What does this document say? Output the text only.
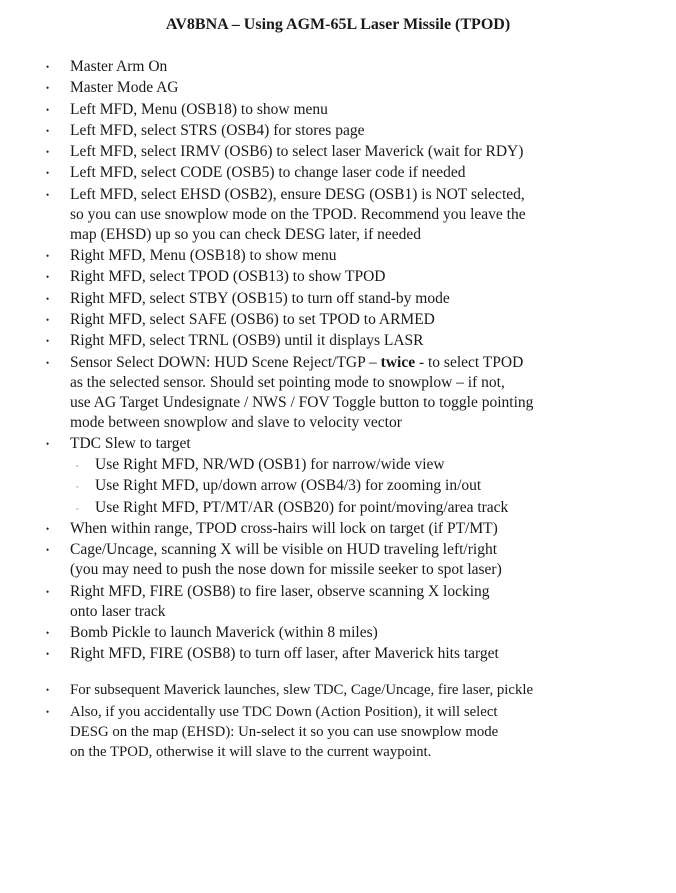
AV8BNA – Using AGM-65L Laser Missile (TPOD)
• Master Arm On
• Master Mode AG
• Left MFD, Menu (OSB18) to show menu
• Left MFD, select STRS (OSB4) for stores page
• Left MFD, select IRMV (OSB6) to select laser Maverick (wait for RDY)
• Left MFD, select CODE (OSB5) to change laser code if needed
• Left MFD, select EHSD (OSB2), ensure DESG (OSB1) is NOT selected,
so you can use snowplow mode on the TPOD. Recommend you leave the
map (EHSD) up so you can check DESG later, if needed
• Right MFD, Menu (OSB18) to show menu
• Right MFD, select TPOD (OSB13) to show TPOD
• Right MFD, select STBY (OSB15) to turn off stand-by mode
• Right MFD, select SAFE (OSB6) to set TPOD to ARMED
• Right MFD, select TRNL (OSB9) until it displays LASR
• Sensor Select DOWN: HUD Scene Reject/TGP – twice - to select TPOD
as the selected sensor. Should set pointing mode to snowplow – if not,
use AG Target Undesignate / NWS / FOV Toggle button to toggle pointing
mode between snowplow and slave to velocity vector
• TDC Slew to target
◦ Use Right MFD, NR/WD (OSB1) for narrow/wide view
◦ Use Right MFD, up/down arrow (OSB4/3) for zooming in/out
◦ Use Right MFD, PT/MT/AR (OSB20) for point/moving/area track
• When within range, TPOD cross-hairs will lock on target (if PT/MT)
• Cage/Uncage, scanning X will be visible on HUD traveling left/right
(you may need to push the nose down for missile seeker to spot laser)
• Right MFD, FIRE (OSB8) to fire laser, observe scanning X locking
onto laser track
• Bomb Pickle to launch Maverick (within 8 miles)
• Right MFD, FIRE (OSB8) to turn off laser, after Maverick hits target
• For subsequent Maverick launches, slew TDC, Cage/Uncage, fire laser, pickle
• Also, if you accidentally use TDC Down (Action Position), it will select
DESG on the map (EHSD): Un-select it so you can use snowplow mode
on the TPOD, otherwise it will slave to the current waypoint.
